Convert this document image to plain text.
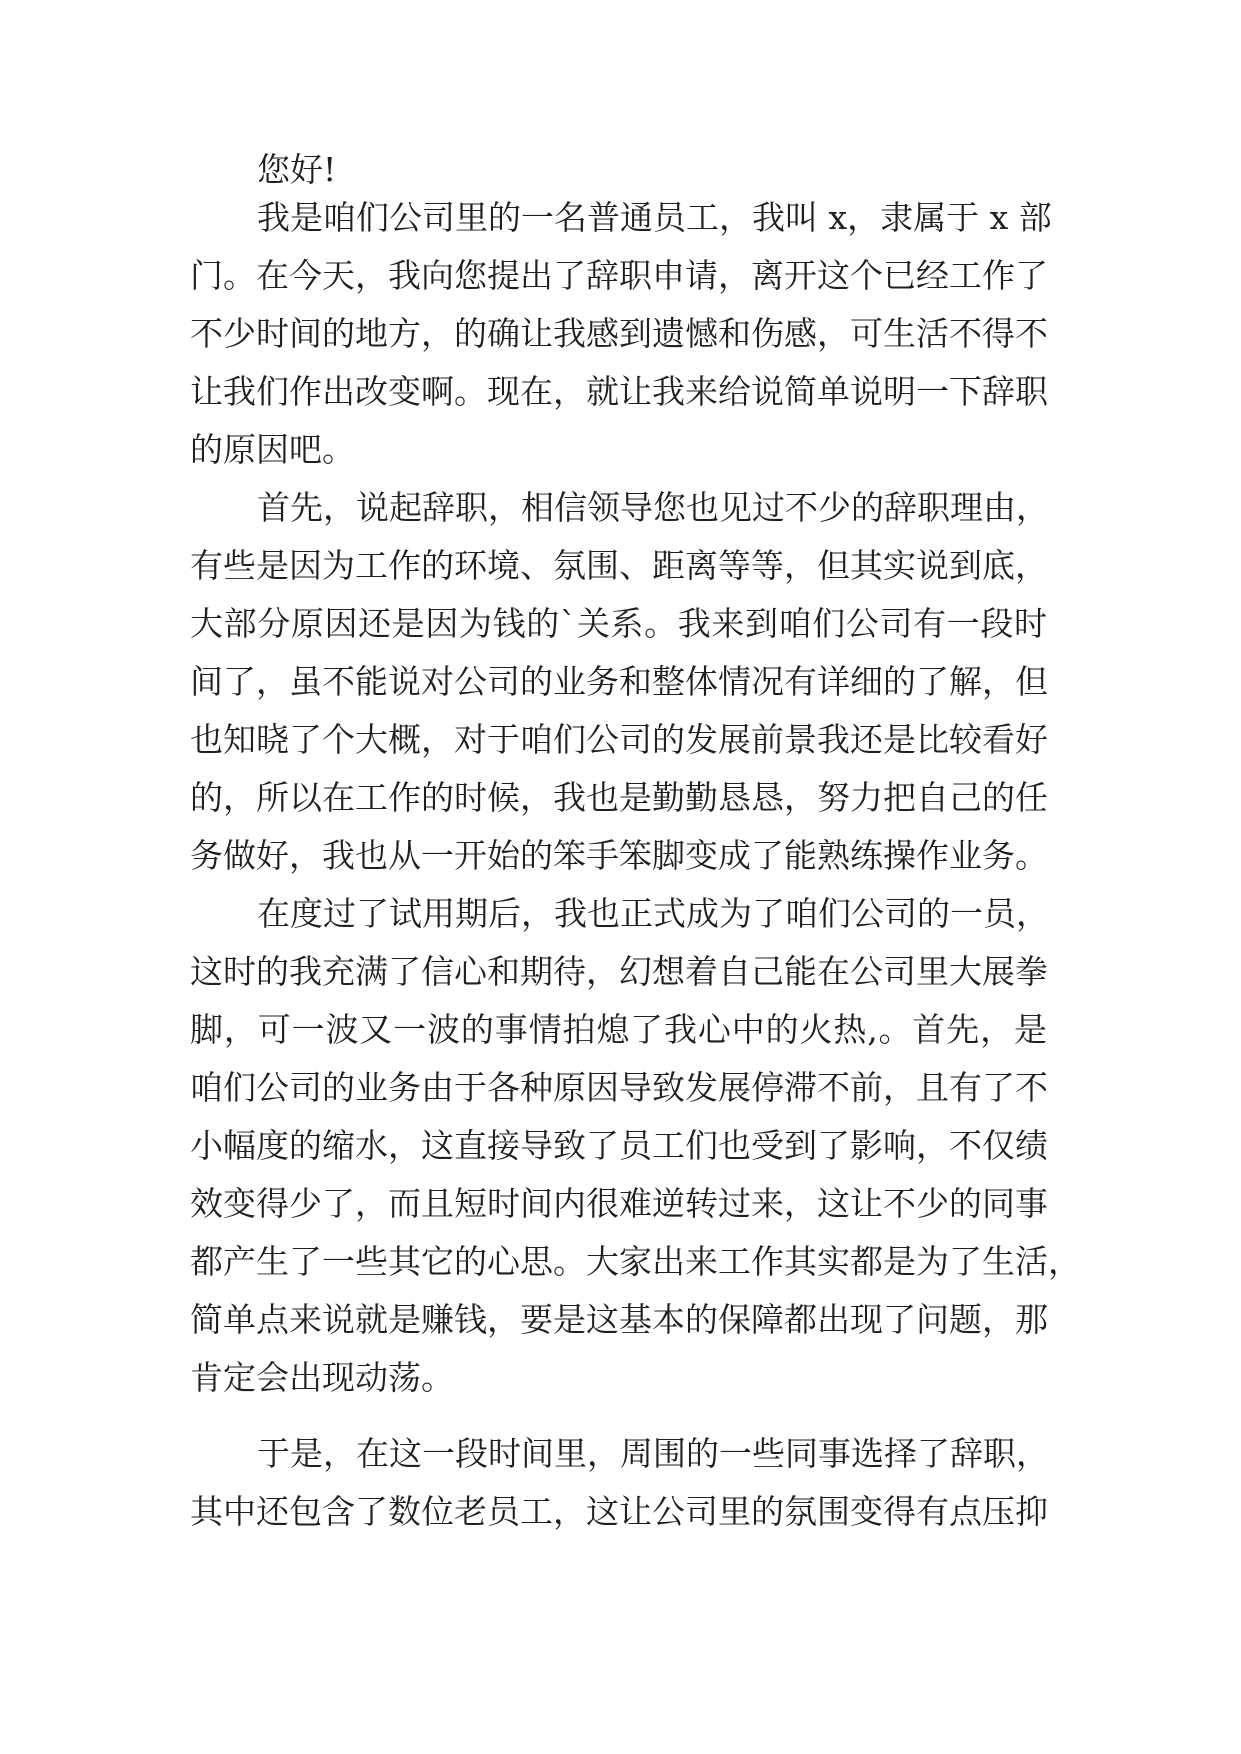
您好!
我是咱们公司里的一名普通员工，我叫 x，隶属于 x 部
门。在今天，我向您提出了辞职申请，离开这个已经工作了
不少时间的地方，的确让我感到遗憾和伤感，可生活不得不
让我们作出改变啊。现在，就让我来给说简单说明一下辞职
的原因吧。
首先，说起辞职，相信领导您也见过不少的辞职理由，
有些是因为工作的环境、氛围、距离等等，但其实说到底，
大部分原因还是因为钱的`关系。我来到咱们公司有一段时
间了，虽不能说对公司的业务和整体情况有详细的了解，但
也知晓了个大概，对于咱们公司的发展前景我还是比较看好
的，所以在工作的时候，我也是勤勤恳恳，努力把自己的任
务做好，我也从一开始的笨手笨脚变成了能熟练操作业务。
在度过了试用期后，我也正式成为了咱们公司的一员，
这时的我充满了信心和期待，幻想着自己能在公司里大展拳
脚，可一波又一波的事情拍熄了我心中的火热,。首先，是
咱们公司的业务由于各种原因导致发展停滞不前，且有了不
小幅度的缩水，这直接导致了员工们也受到了影响，不仅绩
效变得少了，而且短时间内很难逆转过来，这让不少的同事
都产生了一些其它的心思。大家出来工作其实都是为了生活，
简单点来说就是赚钱，要是这基本的保障都出现了问题，那
肯定会出现动荡。
于是，在这一段时间里，周围的一些同事选择了辞职，
其中还包含了数位老员工，这让公司里的氛围变得有点压抑
